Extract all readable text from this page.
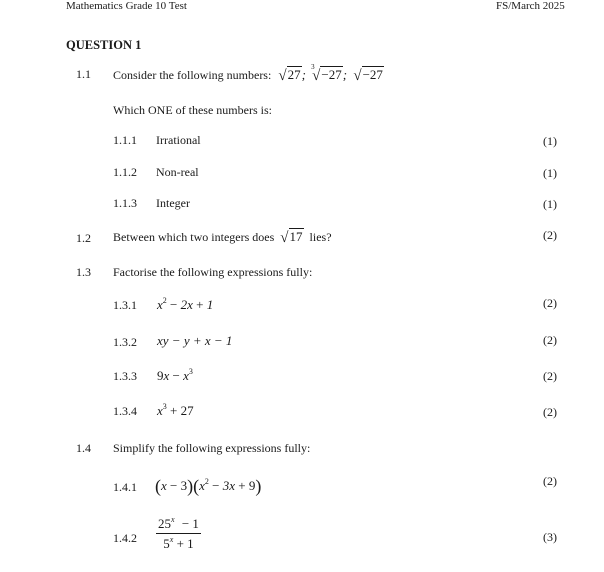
Mathematics Grade 10 Test	FS/March 2025
QUESTION 1
1.1 Consider the following numbers: √27; 3
√−27; √−27
Which ONE of these numbers is:
1.1.1 Irrational	(1)
1.1.2 Non-real	(1)
1.1.3 Integer	(1)
1.2 Between which two integers does √17 lies?	(2)
1.3 Factorise the following expressions fully:
1.3.1 $x^2 - 2x + 1$	(2)
1.3.2 xy − y + x − 1	(2)
1.3.3 $9x - x^3$	(2)
1.3.4 $x^3 + 27$	(2)
1.4 Simplify the following expressions fully:
1.4.1 $(x - 3)(x^2 - 3x + 9)$	(2)
$1.4.2 \frac{25^x - 1}{5^x + 1}$	(3)
